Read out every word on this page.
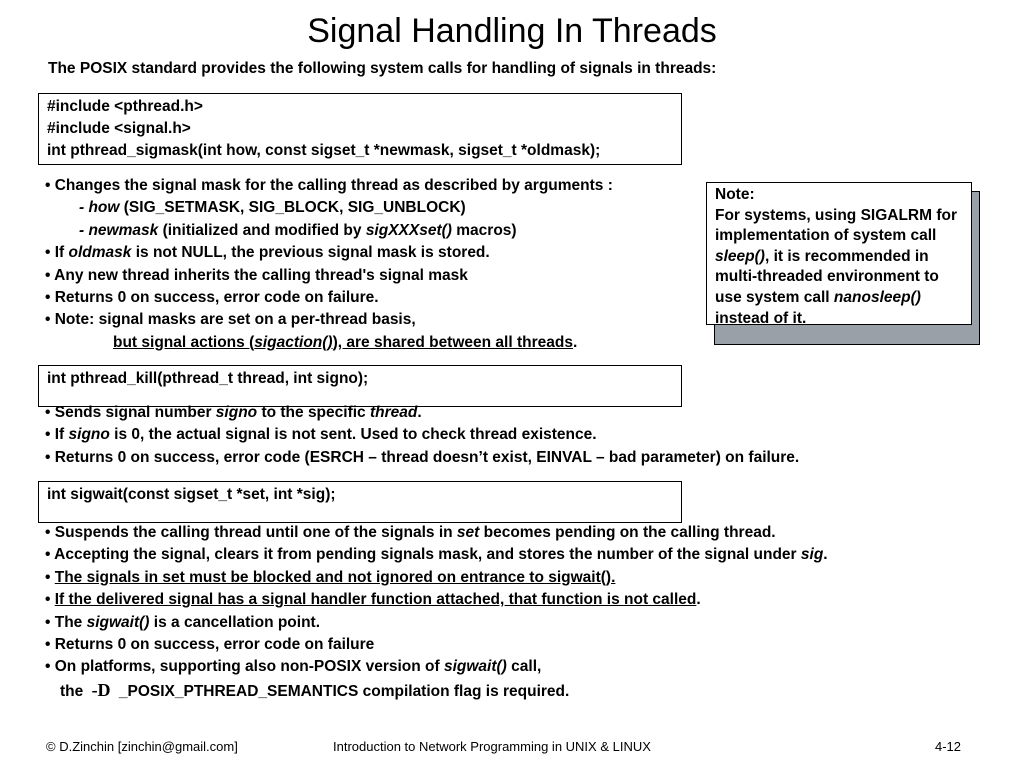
Signal Handling In Threads
The POSIX standard provides the following system calls for handling of signals in threads:
#include <pthread.h>
#include <signal.h>
int pthread_sigmask(int how, const sigset_t *newmask, sigset_t *oldmask);
• Changes the signal mask for the calling thread as described by arguments :
- how (SIG_SETMASK, SIG_BLOCK, SIG_UNBLOCK)
- newmask (initialized and modified by sigXXXset() macros)
• If oldmask is not NULL, the previous signal mask is stored.
• Any new thread inherits the calling thread's signal mask
• Returns 0 on success, error code on failure.
• Note: signal masks are set on a per-thread basis,
but signal actions (sigaction()), are shared between all threads.
Note:
For systems, using SIGALRM for implementation of system call sleep(), it is recommended in multi-threaded environment to use system call nanosleep() instead of it.
int pthread_kill(pthread_t thread, int signo);
• Sends signal number signo to the specific thread.
• If signo is 0, the actual signal is not sent. Used to check thread existence.
• Returns 0 on success, error code (ESRCH – thread doesn’t exist, EINVAL – bad parameter) on failure.
int sigwait(const sigset_t *set, int *sig);
• Suspends the calling thread until one of the signals in set becomes pending on the calling thread.
• Accepting the signal, clears it from pending signals mask, and stores the number of the signal under sig.
• The signals in set must be blocked and not ignored on entrance to sigwait().
• If the delivered signal has a signal handler function attached, that function is not called.
• The sigwait() is a cancellation point.
• Returns 0 on success, error code on failure
• On platforms, supporting also non-POSIX version of sigwait() call,
the -D _POSIX_PTHREAD_SEMANTICS compilation flag is required.
© D.Zinchin [zinchin@gmail.com]	Introduction to Network Programming in UNIX & LINUX	4-12
